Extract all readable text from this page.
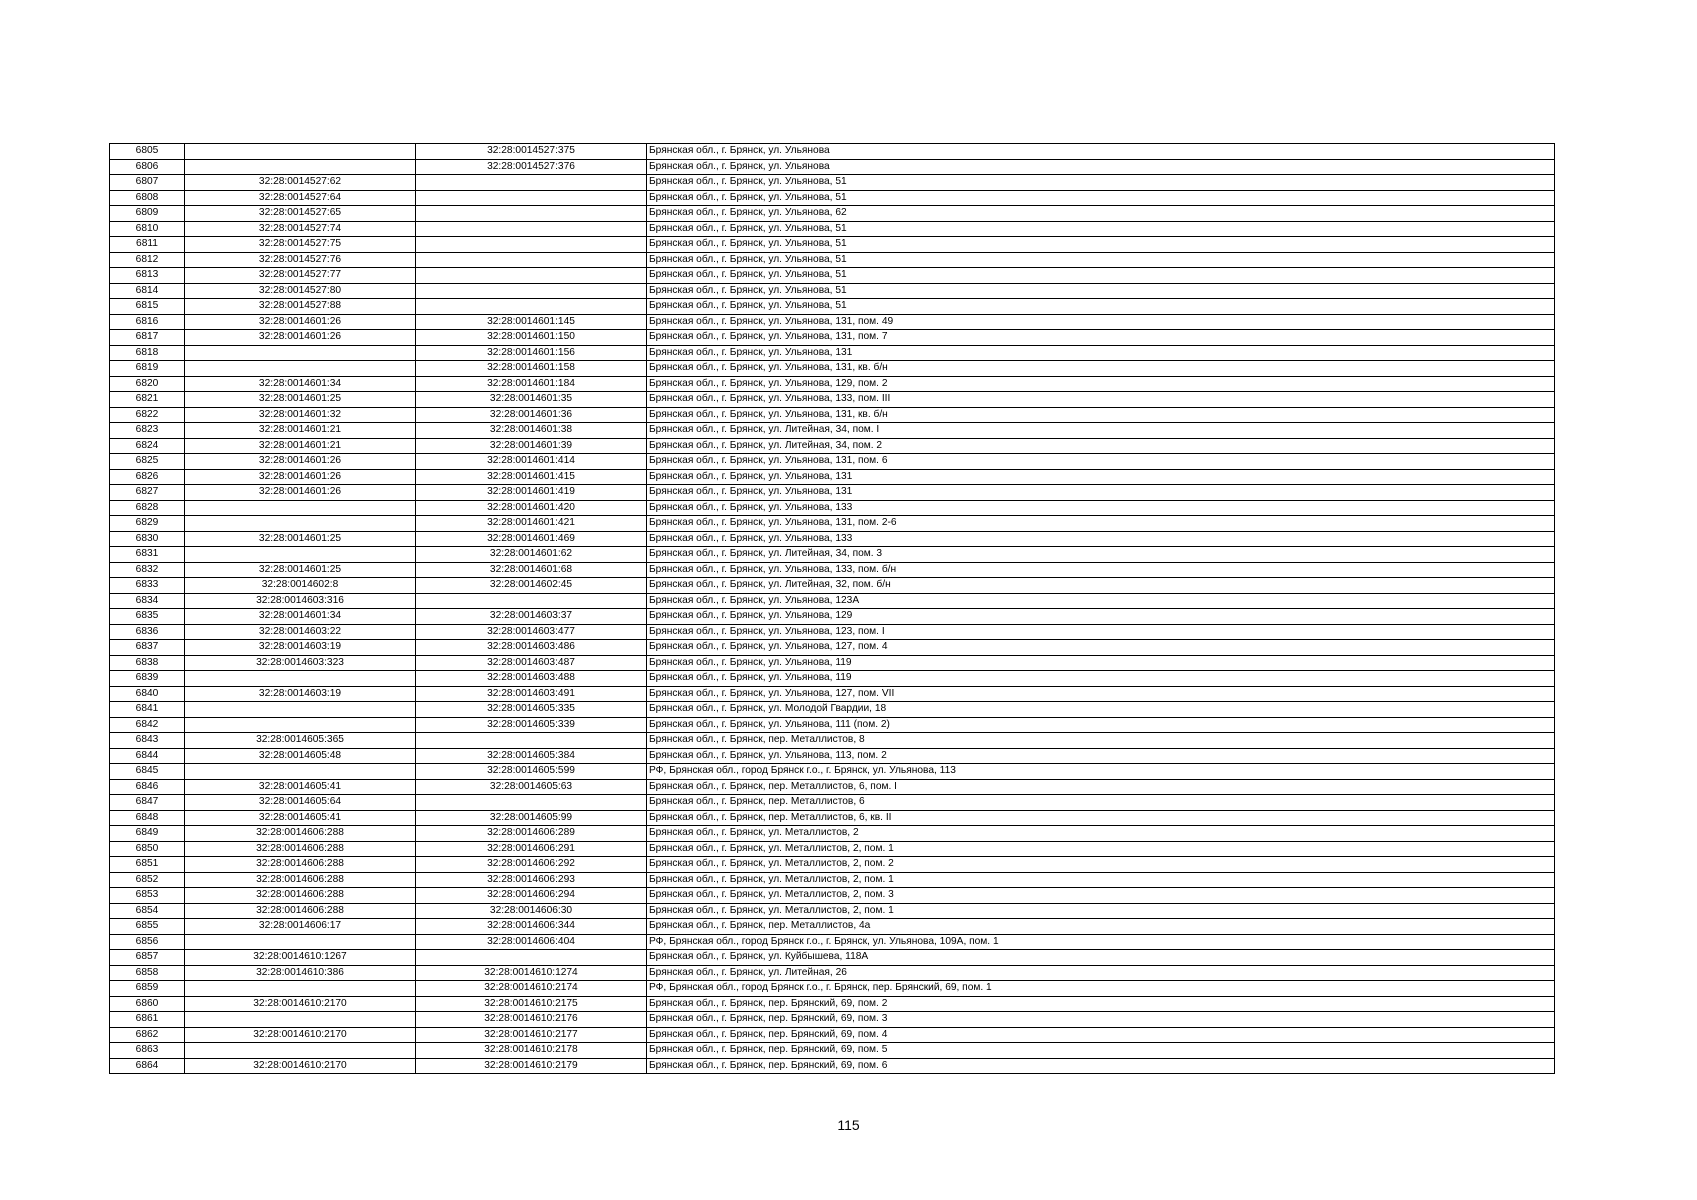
6805		32:28:0014527:375	Брянская обл., г. Брянск, ул. Ульянова
6806		32:28:0014527:376	Брянская обл., г. Брянск, ул. Ульянова
6807	32:28:0014527:62		Брянская обл., г. Брянск, ул. Ульянова, 51
6808	32:28:0014527:64		Брянская обл., г. Брянск, ул. Ульянова, 51
6809	32:28:0014527:65		Брянская обл., г. Брянск, ул. Ульянова, 62
6810	32:28:0014527:74		Брянская обл., г. Брянск, ул. Ульянова, 51
6811	32:28:0014527:75		Брянская обл., г. Брянск, ул. Ульянова, 51
6812	32:28:0014527:76		Брянская обл., г. Брянск, ул. Ульянова, 51
6813	32:28:0014527:77		Брянская обл., г. Брянск, ул. Ульянова, 51
6814	32:28:0014527:80		Брянская обл., г. Брянск, ул. Ульянова, 51
6815	32:28:0014527:88		Брянская обл., г. Брянск, ул. Ульянова, 51
6816	32:28:0014601:26	32:28:0014601:145	Брянская обл., г. Брянск, ул. Ульянова, 131, пом. 49
6817	32:28:0014601:26	32:28:0014601:150	Брянская обл., г. Брянск, ул. Ульянова, 131, пом. 7
6818		32:28:0014601:156	Брянская обл., г. Брянск, ул. Ульянова, 131
6819		32:28:0014601:158	Брянская обл., г. Брянск, ул. Ульянова, 131, кв. б/н
6820	32:28:0014601:34	32:28:0014601:184	Брянская обл., г. Брянск, ул. Ульянова, 129, пом. 2
6821	32:28:0014601:25	32:28:0014601:35	Брянская обл., г. Брянск, ул. Ульянова, 133, пом. III
6822	32:28:0014601:32	32:28:0014601:36	Брянская обл., г. Брянск, ул. Ульянова, 131, кв. б/н
6823	32:28:0014601:21	32:28:0014601:38	Брянская обл., г. Брянск, ул. Литейная, 34, пом. I
6824	32:28:0014601:21	32:28:0014601:39	Брянская обл., г. Брянск, ул. Литейная, 34, пом. 2
6825	32:28:0014601:26	32:28:0014601:414	Брянская обл., г. Брянск, ул. Ульянова, 131, пом. 6
6826	32:28:0014601:26	32:28:0014601:415	Брянская обл., г. Брянск, ул. Ульянова, 131
6827	32:28:0014601:26	32:28:0014601:419	Брянская обл., г. Брянск, ул. Ульянова, 131
6828		32:28:0014601:420	Брянская обл., г. Брянск, ул. Ульянова, 133
6829		32:28:0014601:421	Брянская обл., г. Брянск, ул. Ульянова, 131, пом. 2-6
6830	32:28:0014601:25	32:28:0014601:469	Брянская обл., г. Брянск, ул. Ульянова, 133
6831		32:28:0014601:62	Брянская обл., г. Брянск, ул. Литейная, 34, пом. 3
6832	32:28:0014601:25	32:28:0014601:68	Брянская обл., г. Брянск, ул. Ульянова, 133, пом. б/н
6833	32:28:0014602:8	32:28:0014602:45	Брянская обл., г. Брянск, ул. Литейная, 32, пом. б/н
6834	32:28:0014603:316		Брянская обл., г. Брянск, ул. Ульянова, 123А
6835	32:28:0014601:34	32:28:0014603:37	Брянская обл., г. Брянск, ул. Ульянова, 129
6836	32:28:0014603:22	32:28:0014603:477	Брянская обл., г. Брянск, ул. Ульянова, 123, пом. I
6837	32:28:0014603:19	32:28:0014603:486	Брянская обл., г. Брянск, ул. Ульянова, 127, пом. 4
6838	32:28:0014603:323	32:28:0014603:487	Брянская обл., г. Брянск, ул. Ульянова, 119
6839		32:28:0014603:488	Брянская обл., г. Брянск, ул. Ульянова, 119
6840	32:28:0014603:19	32:28:0014603:491	Брянская обл., г. Брянск, ул. Ульянова, 127, пом. VII
6841		32:28:0014605:335	Брянская обл., г. Брянск, ул. Молодой Гвардии, 18
6842		32:28:0014605:339	Брянская обл., г. Брянск, ул. Ульянова, 111 (пом. 2)
6843	32:28:0014605:365		Брянская обл., г. Брянск, пер. Металлистов, 8
6844	32:28:0014605:48	32:28:0014605:384	Брянская обл., г. Брянск, ул. Ульянова, 113, пом. 2
6845		32:28:0014605:599	РФ, Брянская обл., город Брянск г.о., г. Брянск, ул. Ульянова, 113
6846	32:28:0014605:41	32:28:0014605:63	Брянская обл., г. Брянск, пер. Металлистов, 6, пом. I
6847	32:28:0014605:64		Брянская обл., г. Брянск, пер. Металлистов, 6
6848	32:28:0014605:41	32:28:0014605:99	Брянская обл., г. Брянск, пер. Металлистов, 6, кв. II
6849	32:28:0014606:288	32:28:0014606:289	Брянская обл., г. Брянск, ул. Металлистов, 2
6850	32:28:0014606:288	32:28:0014606:291	Брянская обл., г. Брянск, ул. Металлистов, 2, пом. 1
6851	32:28:0014606:288	32:28:0014606:292	Брянская обл., г. Брянск, ул. Металлистов, 2, пом. 2
6852	32:28:0014606:288	32:28:0014606:293	Брянская обл., г. Брянск, ул. Металлистов, 2, пом. 1
6853	32:28:0014606:288	32:28:0014606:294	Брянская обл., г. Брянск, ул. Металлистов, 2, пом. 3
6854	32:28:0014606:288	32:28:0014606:30	Брянская обл., г. Брянск, ул. Металлистов, 2, пом. 1
6855	32:28:0014606:17	32:28:0014606:344	Брянская обл., г. Брянск, пер. Металлистов, 4а
6856		32:28:0014606:404	РФ, Брянская обл., город Брянск г.о., г. Брянск, ул. Ульянова, 109А, пом. 1
6857	32:28:0014610:1267		Брянская обл., г. Брянск, ул. Куйбышева, 118А
6858	32:28:0014610:386	32:28:0014610:1274	Брянская обл., г. Брянск, ул. Литейная, 26
6859		32:28:0014610:2174	РФ, Брянская обл., город Брянск г.о., г. Брянск, пер. Брянский, 69, пом. 1
6860	32:28:0014610:2170	32:28:0014610:2175	Брянская обл., г. Брянск, пер. Брянский, 69, пом. 2
6861		32:28:0014610:2176	Брянская обл., г. Брянск, пер. Брянский, 69, пом. 3
6862	32:28:0014610:2170	32:28:0014610:2177	Брянская обл., г. Брянск, пер. Брянский, 69, пом. 4
6863		32:28:0014610:2178	Брянская обл., г. Брянск, пер. Брянский, 69, пом. 5
6864	32:28:0014610:2170	32:28:0014610:2179	Брянская обл., г. Брянск, пер. Брянский, 69, пом. 6
115
